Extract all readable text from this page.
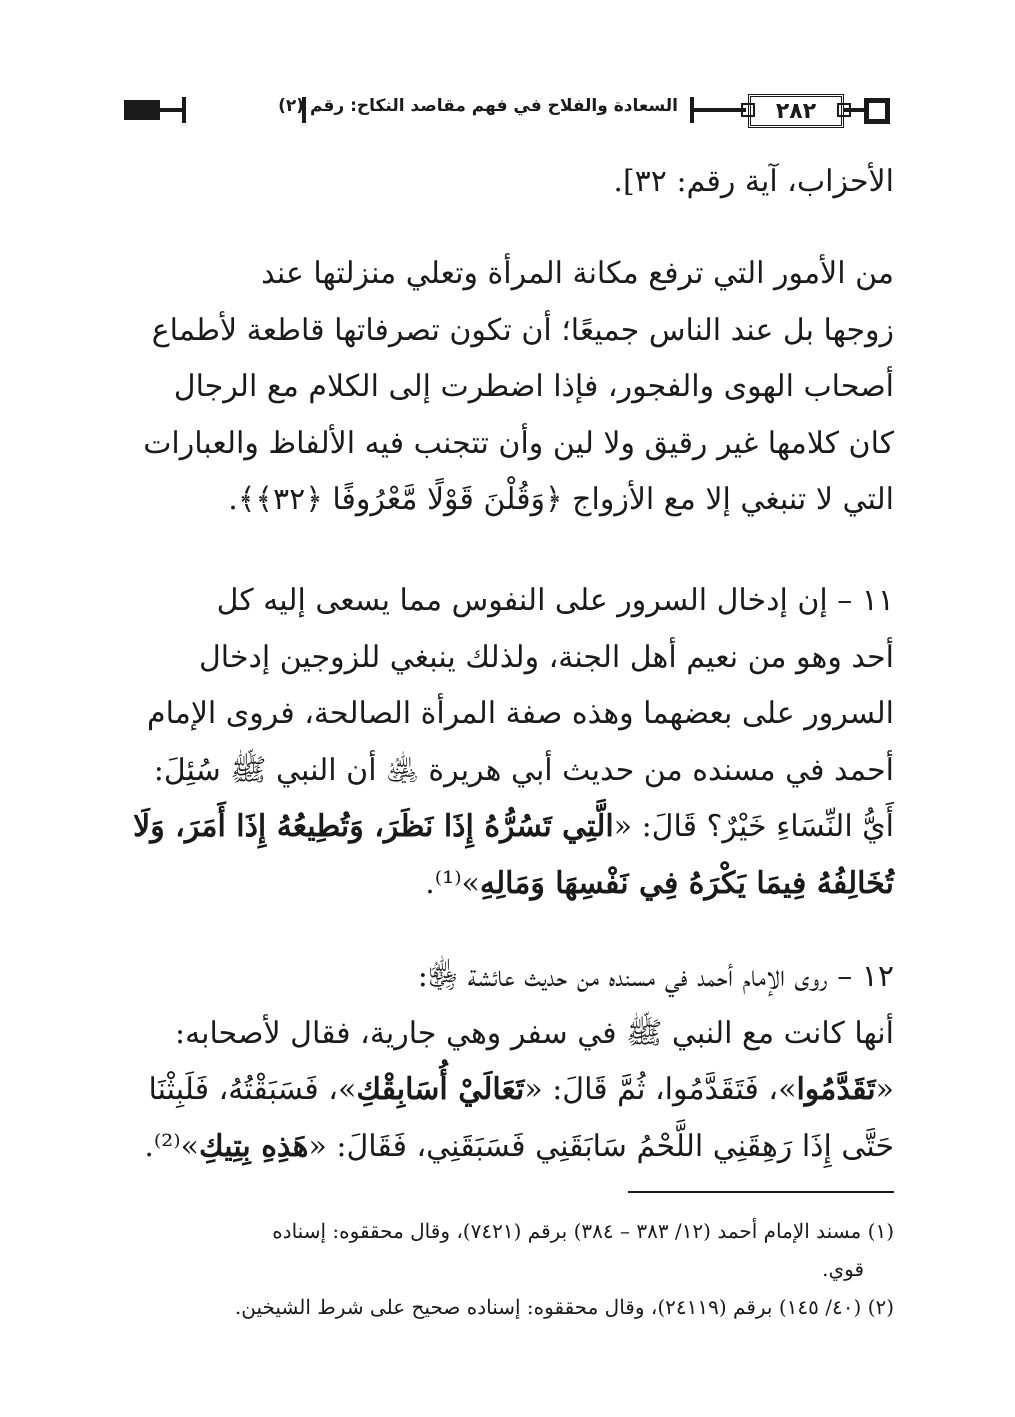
السعادة والفلاح في فهم مقاصد النكاح: رقم (٢)	٢٨٢

الأحزاب، آية رقم: ٣٢].

من الأمور التي ترفع مكانة المرأة وتعلي منزلتها عند
زوجها بل عند الناس جميعًا؛ أن تكون تصرفاتها قاطعة لأطماع
أصحاب الهوى والفجور، فإذا اضطرت إلى الكلام مع الرجال
كان كلامها غير رقيق ولا لين وأن تتجنب فيه الألفاظ والعبارات
التي لا تنبغي إلا مع الأزواج ﴿وَقُلْنَ قَوْلًا مَّعْرُوفًا ﴿٣٢﴾﴾.

١١ – إن إدخال السرور على النفوس مما يسعى إليه كل
أحد وهو من نعيم أهل الجنة، ولذلك ينبغي للزوجين إدخال
السرور على بعضهما وهذه صفة المرأة الصالحة، فروى الإمام
أحمد في مسنده من حديث أبي هريرة ﵁ أن النبي ﷺ سُئِلَ:
أَيُّ النِّسَاءِ خَيْرٌ؟ قَالَ: «الَّتِي تَسُرُّهُ إِذَا نَظَرَ، وَتُطِيعُهُ إِذَا أَمَرَ، وَلَا
تُخَالِفُهُ فِيمَا يَكْرَهُ فِي نَفْسِهَا وَمَالِهِ»⁽¹⁾.

١٢ – روى الإمام أحمد في مسنده من حديث عائشة ﵂:
أنها كانت مع النبي ﷺ في سفر وهي جارية، فقال لأصحابه:
«تَقَدَّمُوا»، فَتَقَدَّمُوا، ثُمَّ قَالَ: «تَعَالَيْ أُسَابِقْكِ»، فَسَبَقْتُهُ، فَلَبِثْنَا
حَتَّى إِذَا رَهِقَنِي اللَّحْمُ سَابَقَنِي فَسَبَقَنِي، فَقَالَ: «هَذِهِ بِتِيكِ»⁽²⁾.

(١) مسند الإمام أحمد (١٢/ ٣٨٣ – ٣٨٤) برقم (٧٤٢١)، وقال محققوه: إسناده

قوي.

(٢) (٤٠/ ١٤٥) برقم (٢٤١١٩)، وقال محققوه: إسناده صحيح على شرط الشيخين.
